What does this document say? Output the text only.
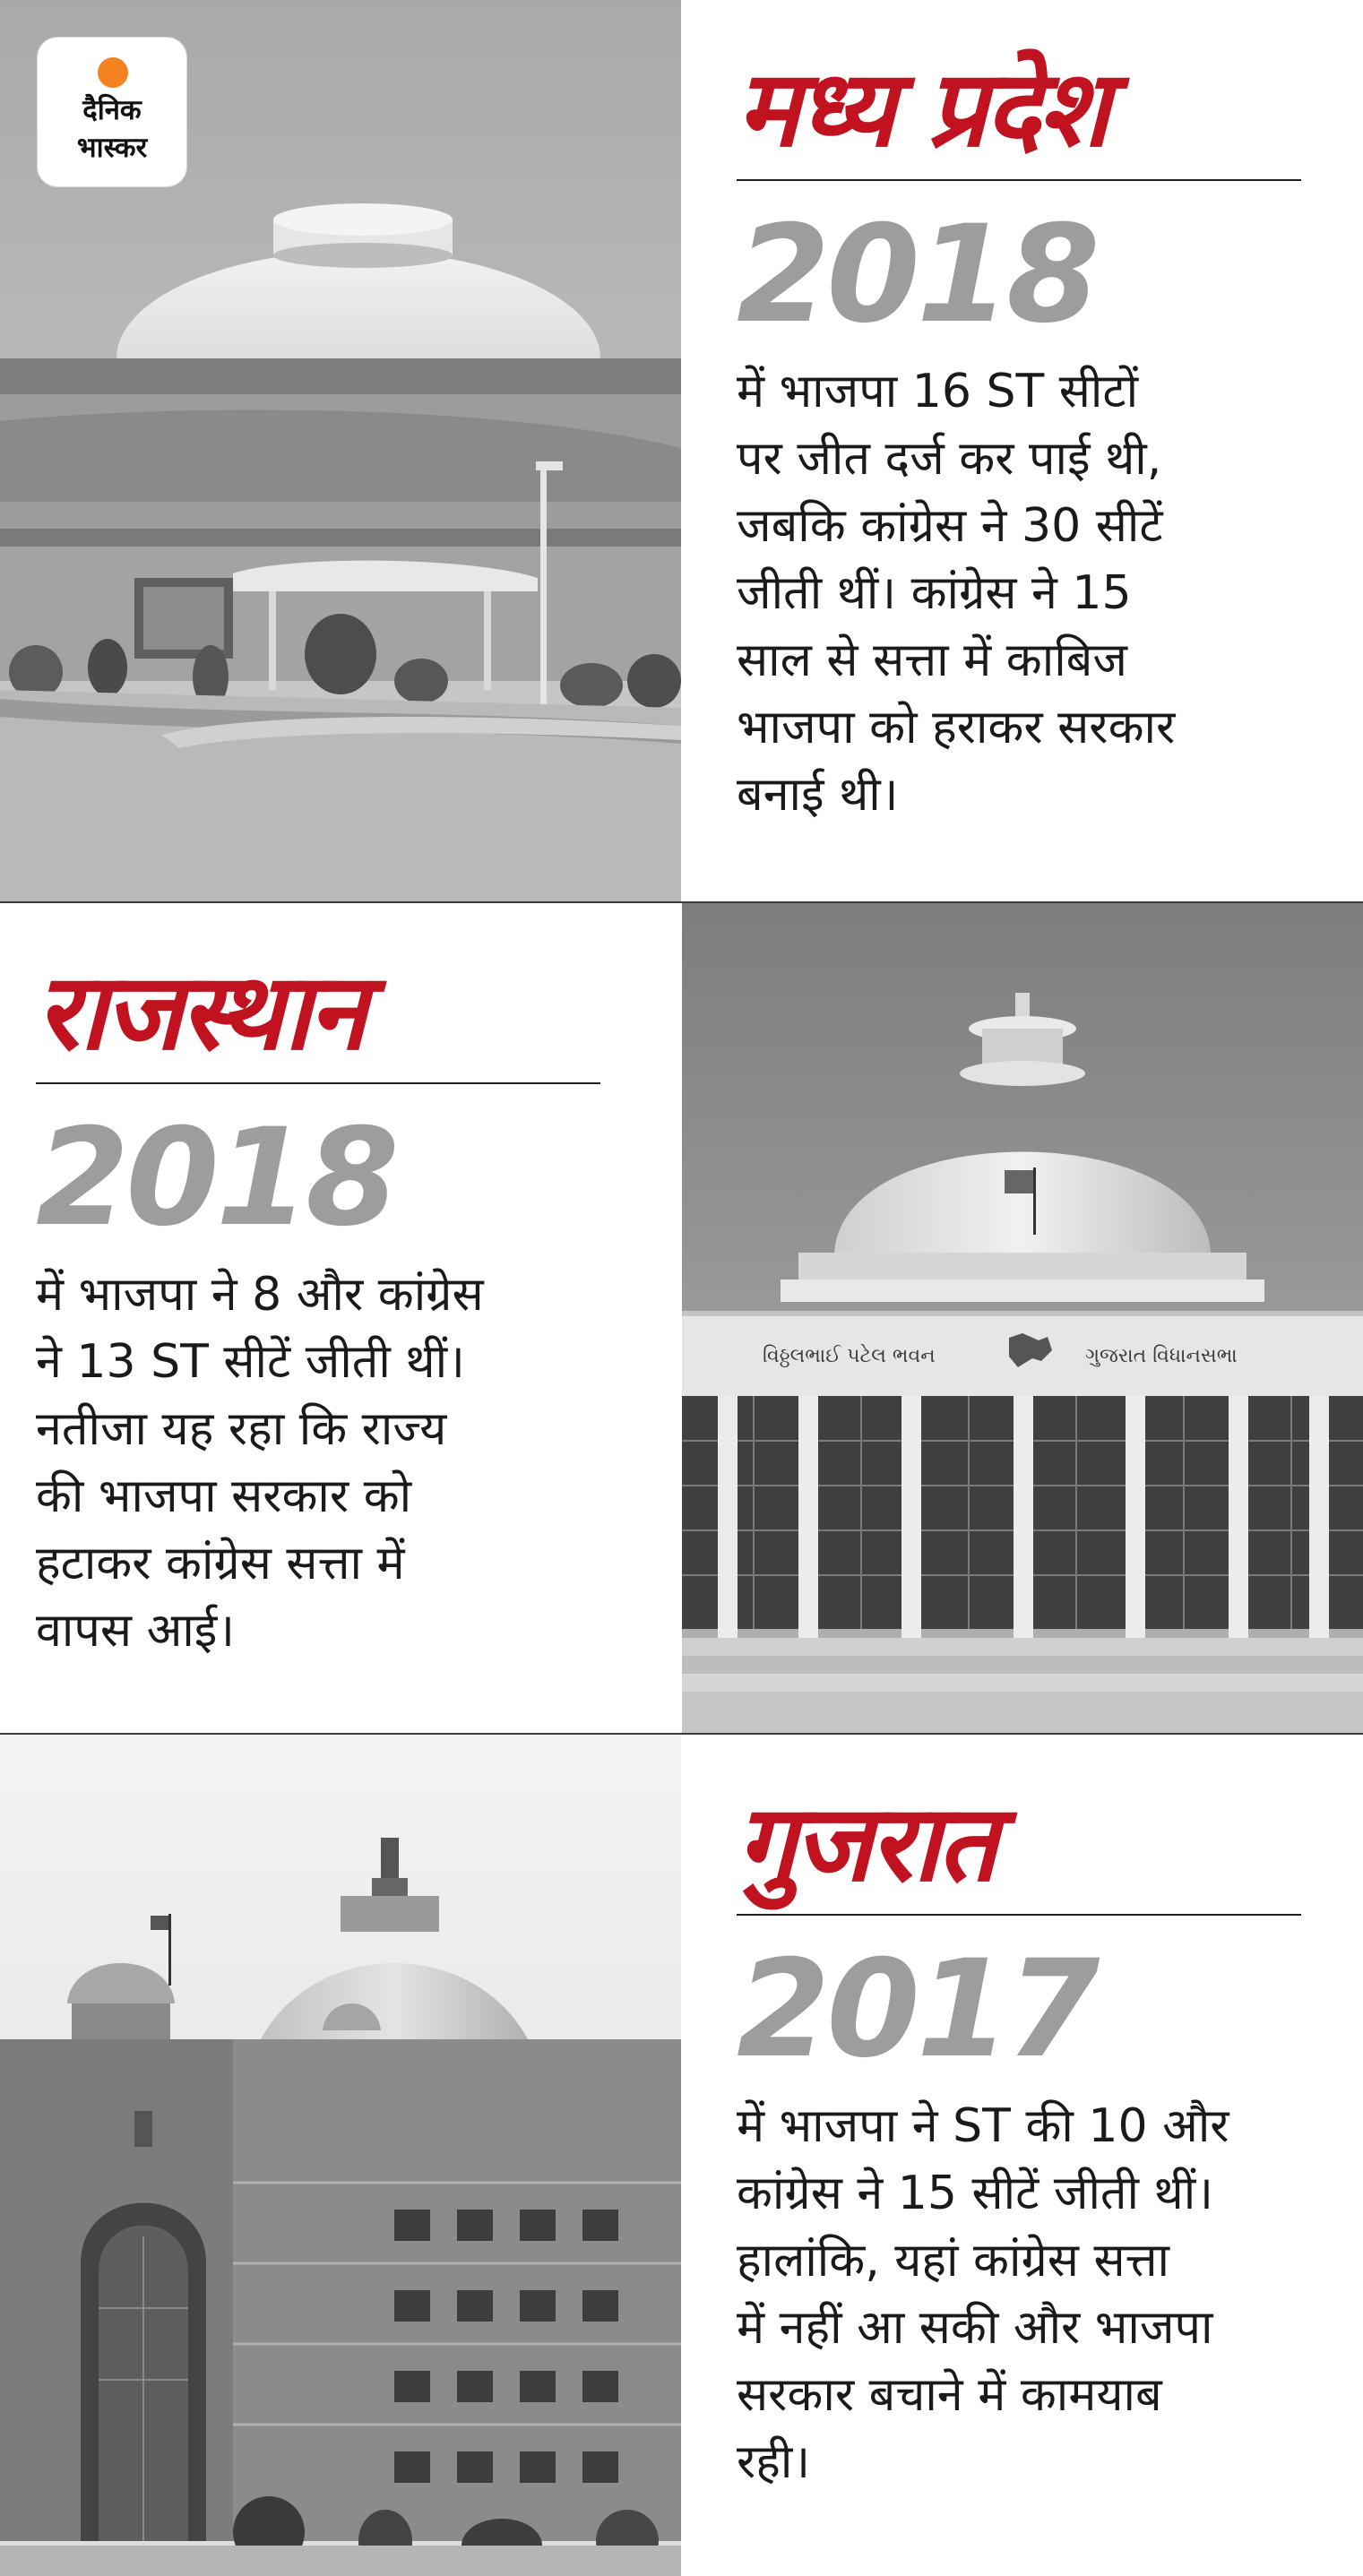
दैनिक
भास्कर	मध्य प्रदेश
2018
में भाजपा 16 ST सीटों
पर जीत दर्ज कर पाई थी,
जबकि कांग्रेस ने 30 सीटें
जीती थीं। कांग्रेस ने 15
साल से सत्ता में काबिज
भाजपा को हराकर सरकार
बनाई थी।
राजस्थान
2018
में भाजपा ने 8 और कांग्रेस
ने 13 ST सीटें जीती थीं।
नतीजा यह रहा कि राज्य
की भाजपा सरकार को
हटाकर कांग्रेस सत्ता में
वापस आई।
વિઠ્ઠલભાઈ પટેલ ભવન	ગુજરાત વિધાનસભા
गुजरात
2017
में भाजपा ने ST की 10 और
कांग्रेस ने 15 सीटें जीती थीं।
हालांकि, यहां कांग्रेस सत्ता
में नहीं आ सकी और भाजपा
सरकार बचाने में कामयाब
रही।
